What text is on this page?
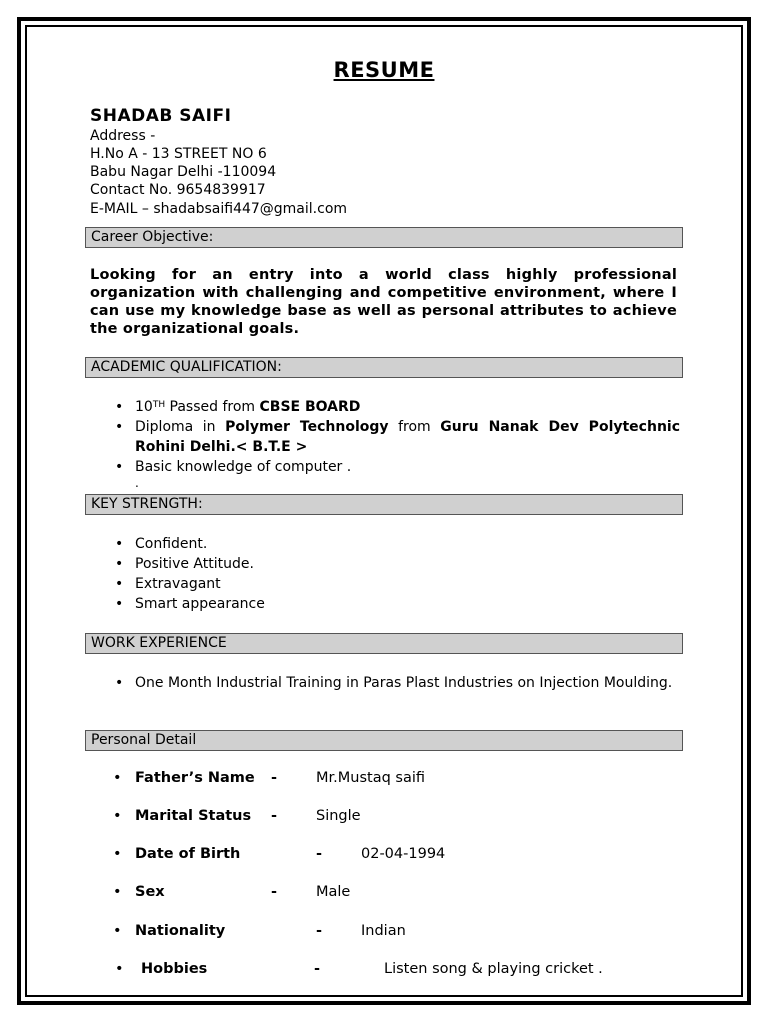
RESUME
SHADAB SAIFI
Address -
H.No A - 13 STREET NO 6
Babu Nagar Delhi -110094
Contact No. 9654839917
E-MAIL – shadabsaifi447@gmail.com
Career Objective:
Looking for an entry into a world class highly professional organization with challenging and competitive environment, where I can use my knowledge base as well as personal attributes to achieve the organizational goals.
ACADEMIC QUALIFICATION:
• 10TH Passed from CBSE BOARD
• Diploma in Polymer Technology from Guru Nanak Dev Polytechnic Rohini Delhi.< B.T.E >
• Basic knowledge of computer .
.
KEY STRENGTH:
• Confident.
• Positive Attitude.
• Extravagant
• Smart appearance
WORK EXPERIENCE
• One Month Industrial Training in Paras Plast Industries on Injection Moulding.
Personal Detail
• Father’s Name -	Mr.Mustaq saifi
• Marital Status -	Single
• Date of Birth	-	02-04-1994
• Sex	-	Male
• Nationality	-	Indian
• Hobbies	-	Listen song & playing cricket .
